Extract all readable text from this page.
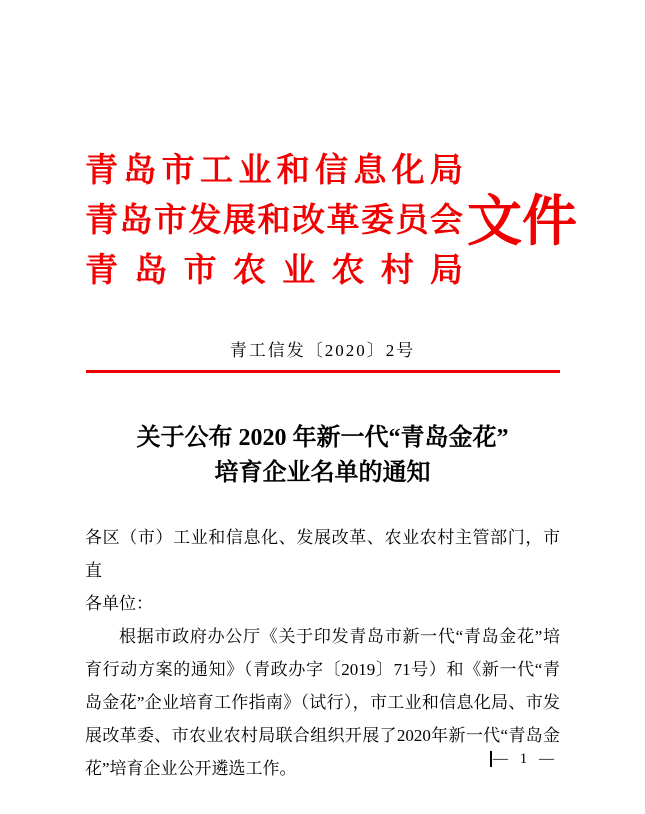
青岛市工业和信息化局
青岛市发展和改革委员会
青岛市农业农村局
文件
青工信发〔2020〕2号
关于公布 2020 年新一代“青岛金花”
培育企业名单的通知
各区（市）工业和信息化、发展改革、农业农村主管部门，市直
各单位：
根据市政府办公厅《关于印发青岛市新一代“青岛金花”培
育行动方案的通知》（青政办字〔2019〕71号）和《新一代“青
岛金花”企业培育工作指南》（试行），市工业和信息化局、市发
展改革委、市农业农村局联合组织开展了2020年新一代“青岛金
花”培育企业公开遴选工作。	— 1 —
